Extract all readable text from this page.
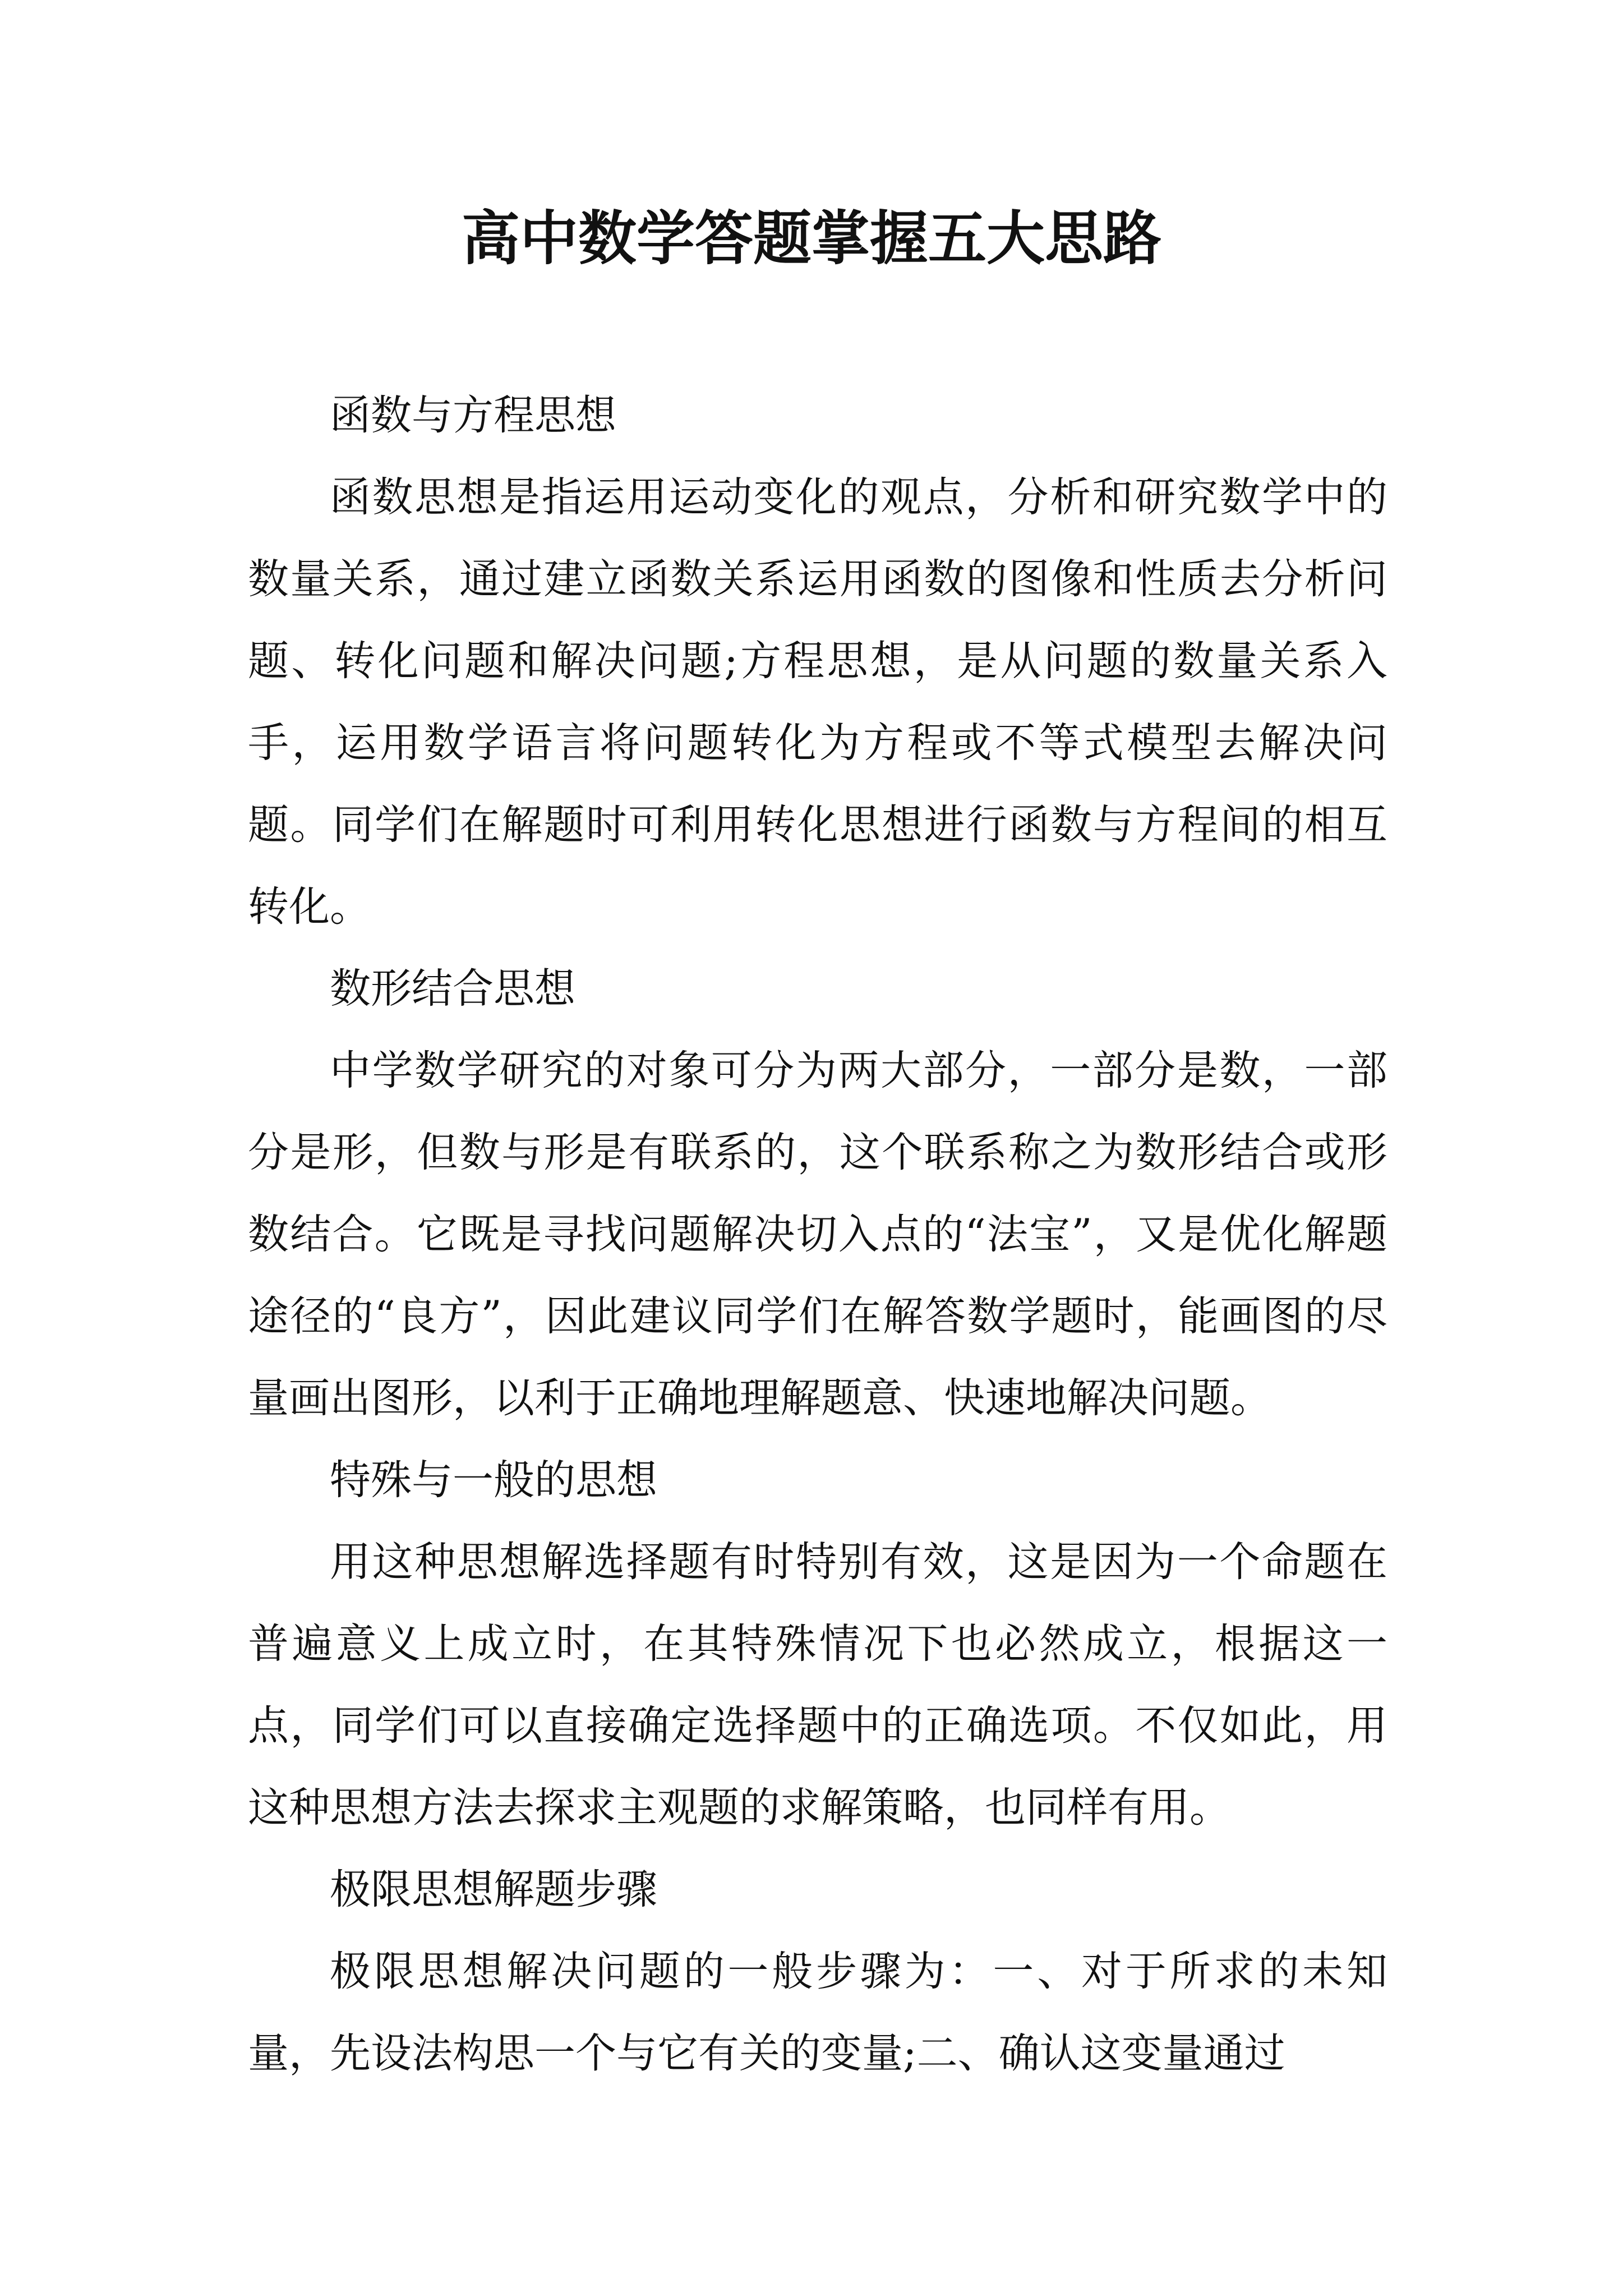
高中数学答题掌握五大思路

函数与方程思想

函数思想是指运用运动变化的观点，分析和研究数学中的数量关系，通过建立函数关系运用函数的图像和性质去分析问题、转化问题和解决问题;方程思想，是从问题的数量关系入手，运用数学语言将问题转化为方程或不等式模型去解决问题。同学们在解题时可利用转化思想进行函数与方程间的相互转化。

数形结合思想

中学数学研究的对象可分为两大部分，一部分是数，一部分是形，但数与形是有联系的，这个联系称之为数形结合或形数结合。它既是寻找问题解决切入点的“法宝”，又是优化解题途径的“良方”，因此建议同学们在解答数学题时，能画图的尽量画出图形，以利于正确地理解题意、快速地解决问题。

特殊与一般的思想

用这种思想解选择题有时特别有效，这是因为一个命题在普遍意义上成立时，在其特殊情况下也必然成立，根据这一点，同学们可以直接确定选择题中的正确选项。不仅如此，用这种思想方法去探求主观题的求解策略，也同样有用。

极限思想解题步骤

极限思想解决问题的一般步骤为：一、对于所求的未知量，先设法构思一个与它有关的变量;二、确认这变量通过
